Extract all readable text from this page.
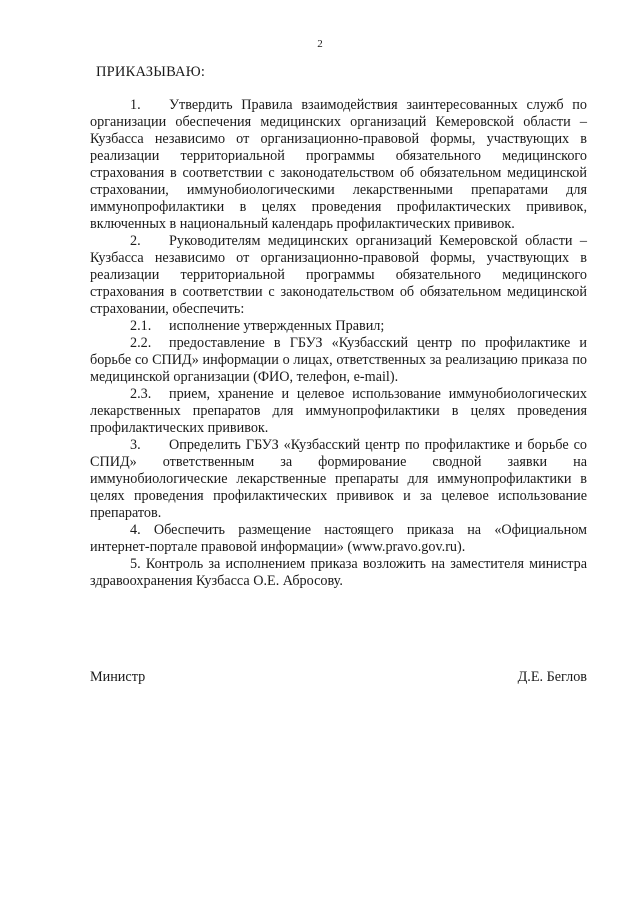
2
ПРИКАЗЫВАЮ:

1. Утвердить Правила взаимодействия заинтересованных служб по организации обеспечения медицинских организаций Кемеровской области – Кузбасса независимо от организационно-правовой формы, участвующих в реализации территориальной программы обязательного медицинского страхования в соответствии с законодательством об обязательном медицинской страховании, иммунобиологическими лекарственными препаратами для иммунопрофилактики в целях проведения профилактических прививок, включенных в национальный календарь профилактических прививок.

2. Руководителям медицинских организаций Кемеровской области – Кузбасса независимо от организационно-правовой формы, участвующих в реализации территориальной программы обязательного медицинского страхования в соответствии с законодательством об обязательном медицинской страховании, обеспечить:

2.1. исполнение утвержденных Правил;

2.2. предоставление в ГБУЗ «Кузбасский центр по профилактике и борьбе со СПИД» информации о лицах, ответственных за реализацию приказа по медицинской организации (ФИО, телефон, e-mail).

2.3. прием, хранение и целевое использование иммунобиологических лекарственных препаратов для иммунопрофилактики в целях проведения профилактических прививок.

3. Определить ГБУЗ «Кузбасский центр по профилактике и борьбе со СПИД» ответственным за формирование сводной заявки на иммунобиологические лекарственные препараты для иммунопрофилактики в целях проведения профилактических прививок и за целевое использование препаратов.

4. Обеспечить размещение настоящего приказа на «Официальном интернет-портале правовой информации» (www.pravo.gov.ru).

5. Контроль за исполнением приказа возложить на заместителя министра здравоохранения Кузбасса О.Е. Абросову.

Министр	Д.Е. Беглов
